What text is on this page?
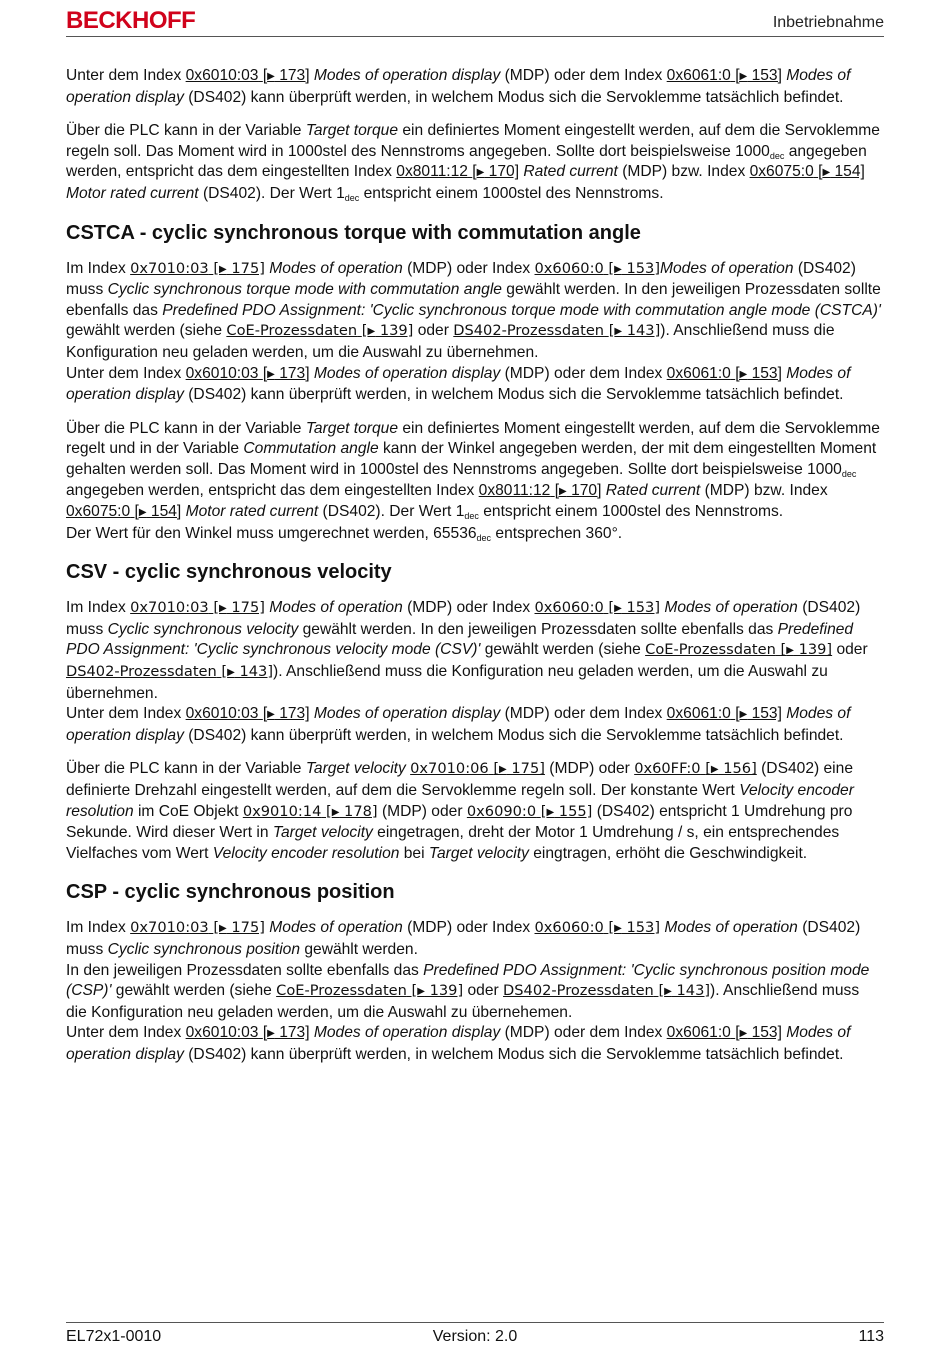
BECKHOFF	Inbetriebnahme

Unter dem Index 0x6010:03 [▶ 173] Modes of operation display (MDP) oder dem Index 0x6061:0 [▶ 153] Modes of operation display (DS402) kann überprüft werden, in welchem Modus sich die Servoklemme tatsächlich befindet.

Über die PLC kann in der Variable Target torque ein definiertes Moment eingestellt werden, auf dem die Servoklemme regeln soll. Das Moment wird in 1000stel des Nennstroms angegeben. Sollte dort beispielsweise $1000_{dec}$ angegeben werden, entspricht das dem eingestellten Index 0x8011:12 [▶ 170] Rated current (MDP) bzw. Index 0x6075:0 [▶ 154] Motor rated current (DS402). Der Wert $1_{dec}$ entspricht einem 1000stel des Nennstroms.

CSTCA - cyclic synchronous torque with commutation angle

Im Index 0x7010:03 [▶ 175] Modes of operation (MDP) oder Index 0x6060:0 [▶ 153]Modes of operation (DS402) muss Cyclic synchronous torque mode with commutation angle gewählt werden. In den jeweiligen Prozessdaten sollte ebenfalls das Predefined PDO Assignment: 'Cyclic synchronous torque mode with commutation angle mode (CSTCA)' gewählt werden (siehe CoE-Prozessdaten [▶ 139] oder DS402-Prozessdaten [▶ 143]). Anschließend muss die Konfiguration neu geladen werden, um die Auswahl zu übernehmen.

Unter dem Index 0x6010:03 [▶ 173] Modes of operation display (MDP) oder dem Index 0x6061:0 [▶ 153] Modes of operation display (DS402) kann überprüft werden, in welchem Modus sich die Servoklemme tatsächlich befindet.

Über die PLC kann in der Variable Target torque ein definiertes Moment eingestellt werden, auf dem die Servoklemme regelt und in der Variable Commutation angle kann der Winkel angegeben werden, der mit dem eingestellten Moment gehalten werden soll. Das Moment wird in 1000stel des Nennstroms angegeben. Sollte dort beispielsweise $1000_{dec}$ angegeben werden, entspricht das dem eingestellten Index 0x8011:12 [▶ 170] Rated current (MDP) bzw. Index 0x6075:0 [▶ 154] Motor rated current (DS402). Der Wert $1_{dec}$ entspricht einem 1000stel des Nennstroms.
Der Wert für den Winkel muss umgerechnet werden, $65536_{dec}$ entsprechen 360°.

CSV - cyclic synchronous velocity

Im Index 0x7010:03 [▶ 175] Modes of operation (MDP) oder Index 0x6060:0 [▶ 153] Modes of operation (DS402) muss Cyclic synchronous velocity gewählt werden. In den jeweiligen Prozessdaten sollte ebenfalls das Predefined PDO Assignment: 'Cyclic synchronous velocity mode (CSV)' gewählt werden (siehe CoE-Prozessdaten [▶ 139] oder DS402-Prozessdaten [▶ 143]). Anschließend muss die Konfiguration neu geladen werden, um die Auswahl zu übernehmen.

Unter dem Index 0x6010:03 [▶ 173] Modes of operation display (MDP) oder dem Index 0x6061:0 [▶ 153] Modes of operation display (DS402) kann überprüft werden, in welchem Modus sich die Servoklemme tatsächlich befindet.

Über die PLC kann in der Variable Target velocity 0x7010:06 [▶ 175] (MDP) oder 0x60FF:0 [▶ 156] (DS402) eine definierte Drehzahl eingestellt werden, auf dem die Servoklemme regeln soll. Der konstante Wert Velocity encoder resolution im CoE Objekt 0x9010:14 [▶ 178] (MDP) oder 0x6090:0 [▶ 155] (DS402) entspricht 1 Umdrehung pro Sekunde. Wird dieser Wert in Target velocity eingetragen, dreht der Motor 1 Umdrehung / s, ein entsprechendes Vielfaches vom Wert Velocity encoder resolution bei Target velocity eingtragen, erhöht die Geschwindigkeit.

CSP - cyclic synchronous position

Im Index 0x7010:03 [▶ 175] Modes of operation (MDP) oder Index 0x6060:0 [▶ 153] Modes of operation (DS402) muss Cyclic synchronous position gewählt werden.
In den jeweiligen Prozessdaten sollte ebenfalls das Predefined PDO Assignment: 'Cyclic synchronous position mode (CSP)' gewählt werden (siehe CoE-Prozessdaten [▶ 139] oder DS402-Prozessdaten [▶ 143]). Anschließend muss die Konfiguration neu geladen werden, um die Auswahl zu übernehemen.

Unter dem Index 0x6010:03 [▶ 173] Modes of operation display (MDP) oder dem Index 0x6061:0 [▶ 153] Modes of operation display (DS402) kann überprüft werden, in welchem Modus sich die Servoklemme tatsächlich befindet.

EL72x1-0010	Version: 2.0	113
